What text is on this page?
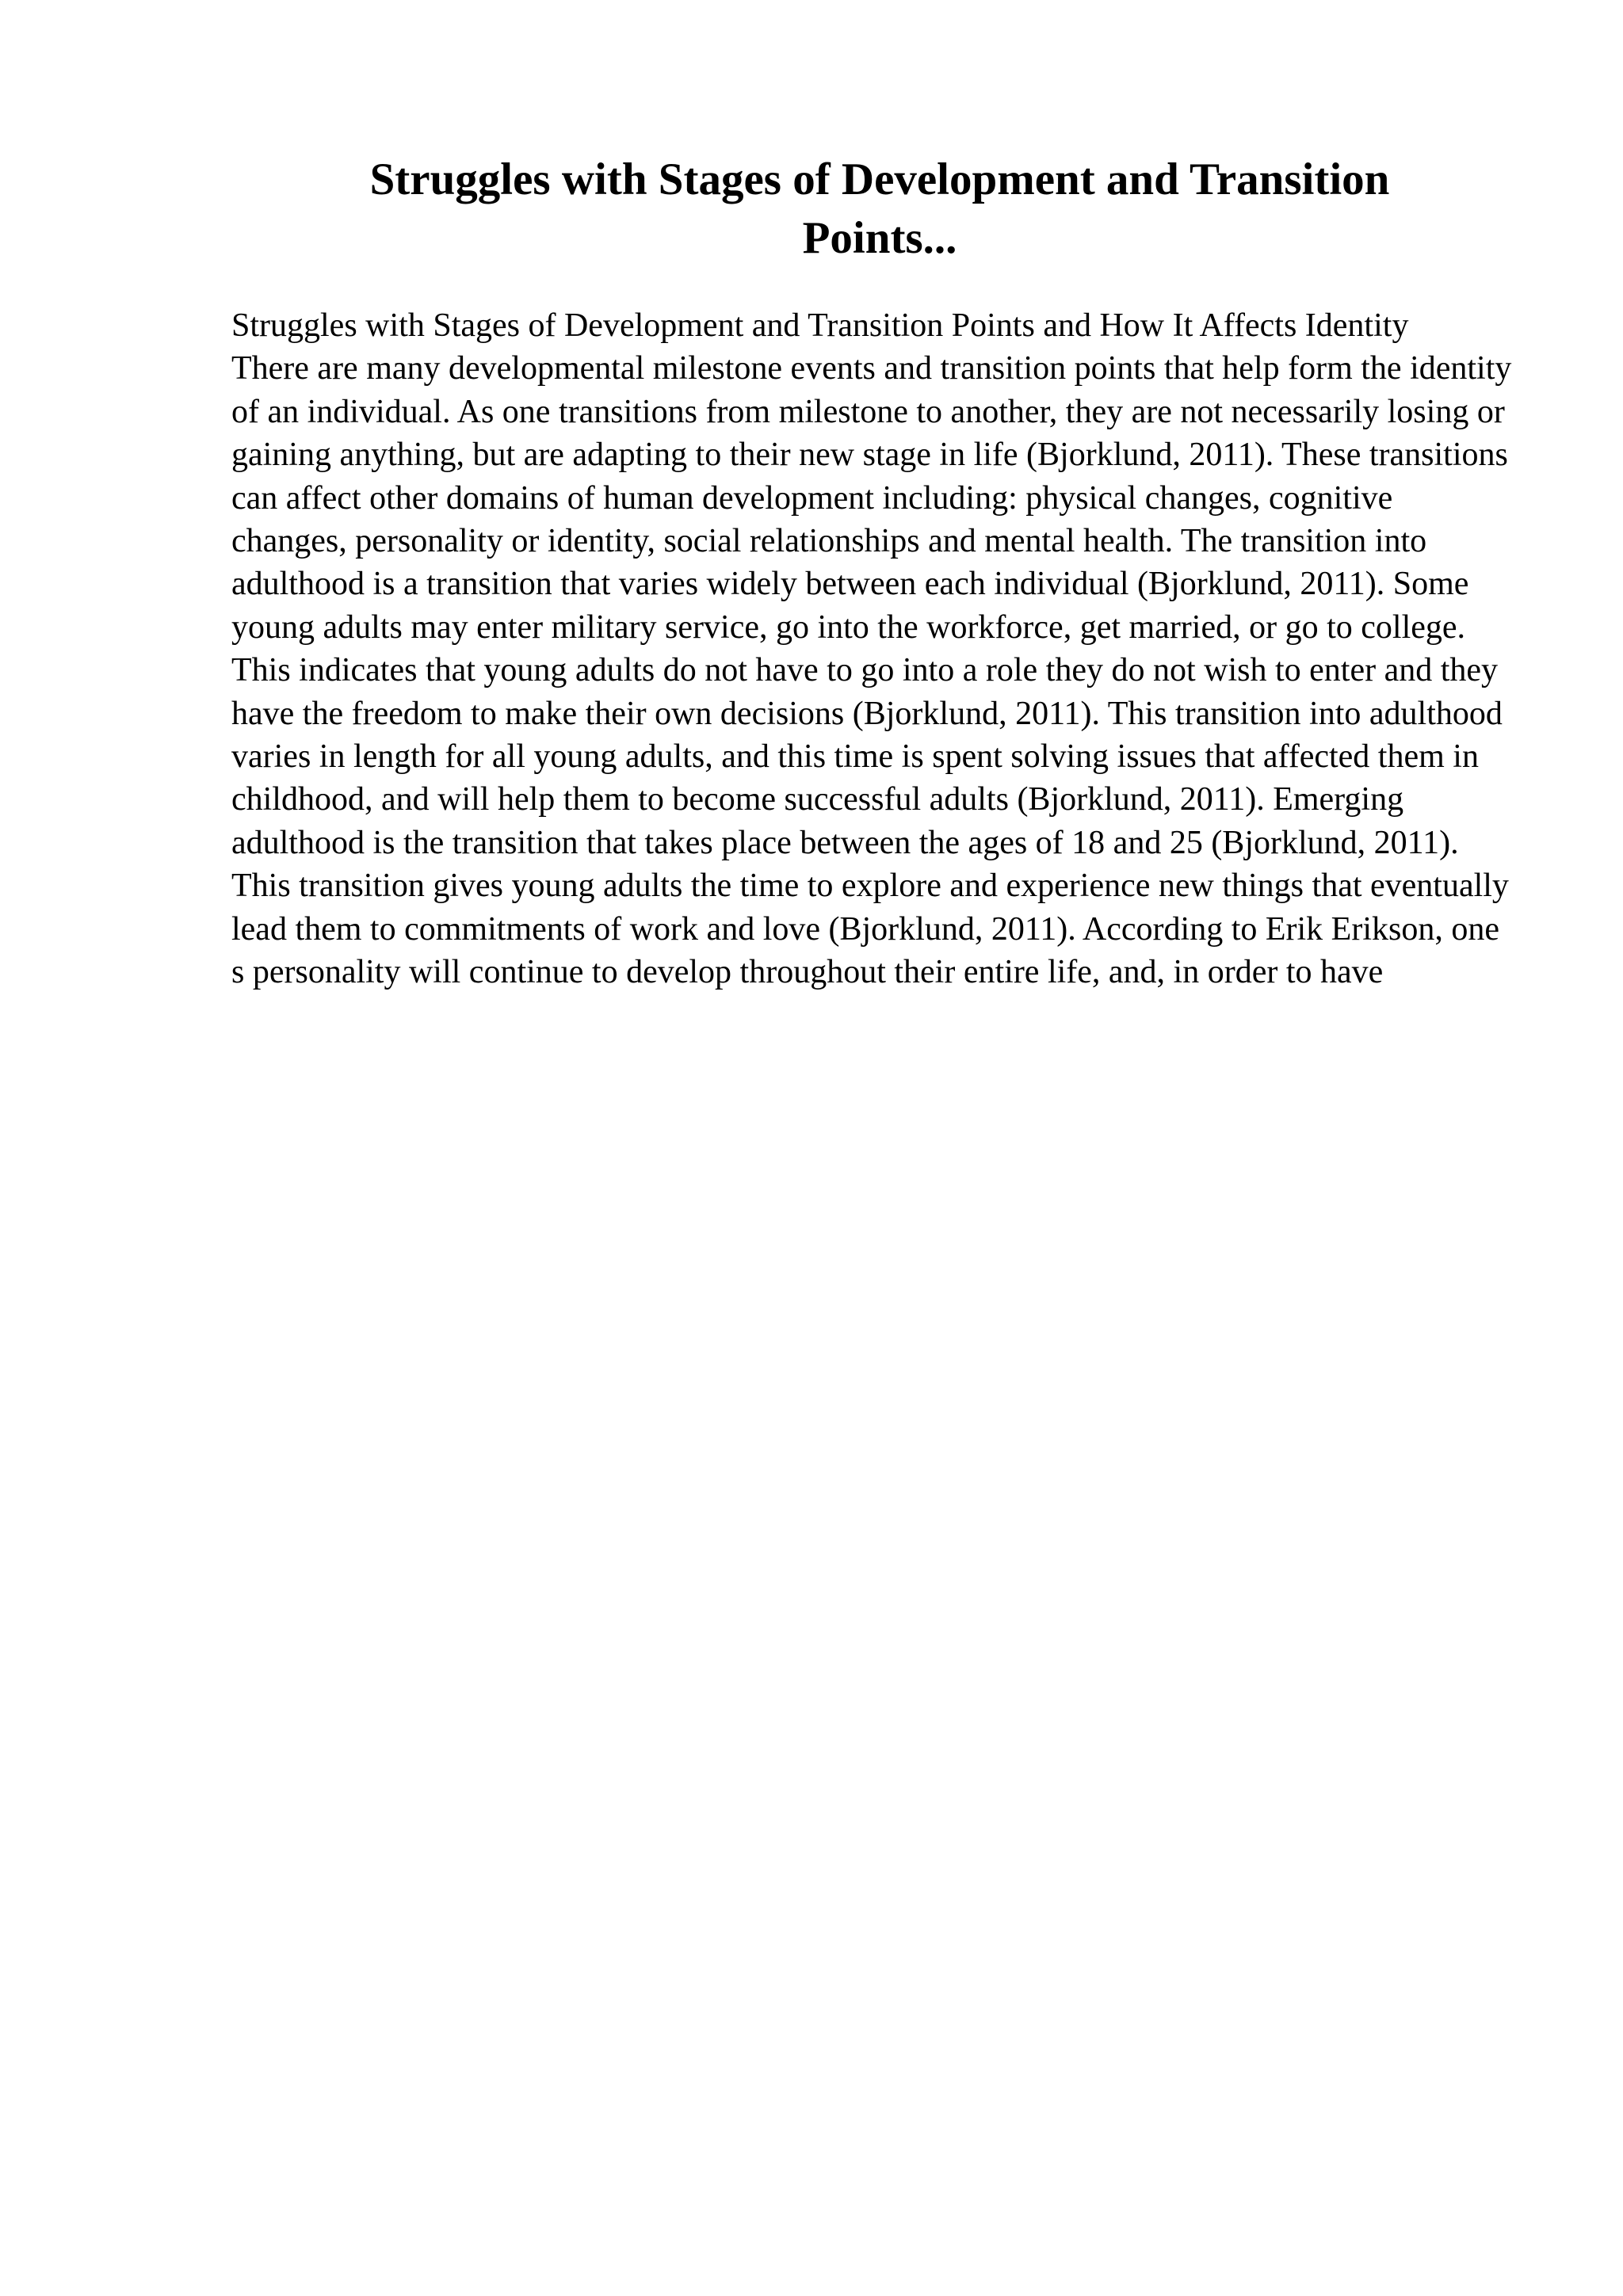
Struggles with Stages of Development and Transition Points...

Struggles with Stages of Development and Transition Points and How It Affects Identity

There are many developmental milestone events and transition points that help form the identity of an individual. As one transitions from milestone to another, they are not necessarily losing or gaining anything, but are adapting to their new stage in life (Bjorklund, 2011). These transitions can affect other domains of human development including: physical changes, cognitive changes, personality or identity, social relationships and mental health. The transition into adulthood is a transition that varies widely between each individual (Bjorklund, 2011). Some young adults may enter military service, go into the workforce, get married, or go to college. This indicates that young adults do not have to go into a role they do not wish to enter and they have the freedom to make their own decisions (Bjorklund, 2011). This transition into adulthood varies in length for all young adults, and this time is spent solving issues that affected them in childhood, and will help them to become successful adults (Bjorklund, 2011). Emerging adulthood is the transition that takes place between the ages of 18 and 25 (Bjorklund, 2011). This transition gives young adults the time to explore and experience new things that eventually lead them to commitments of work and love (Bjorklund, 2011). According to Erik Erikson, one s personality will continue to develop throughout their entire life, and, in order to have
